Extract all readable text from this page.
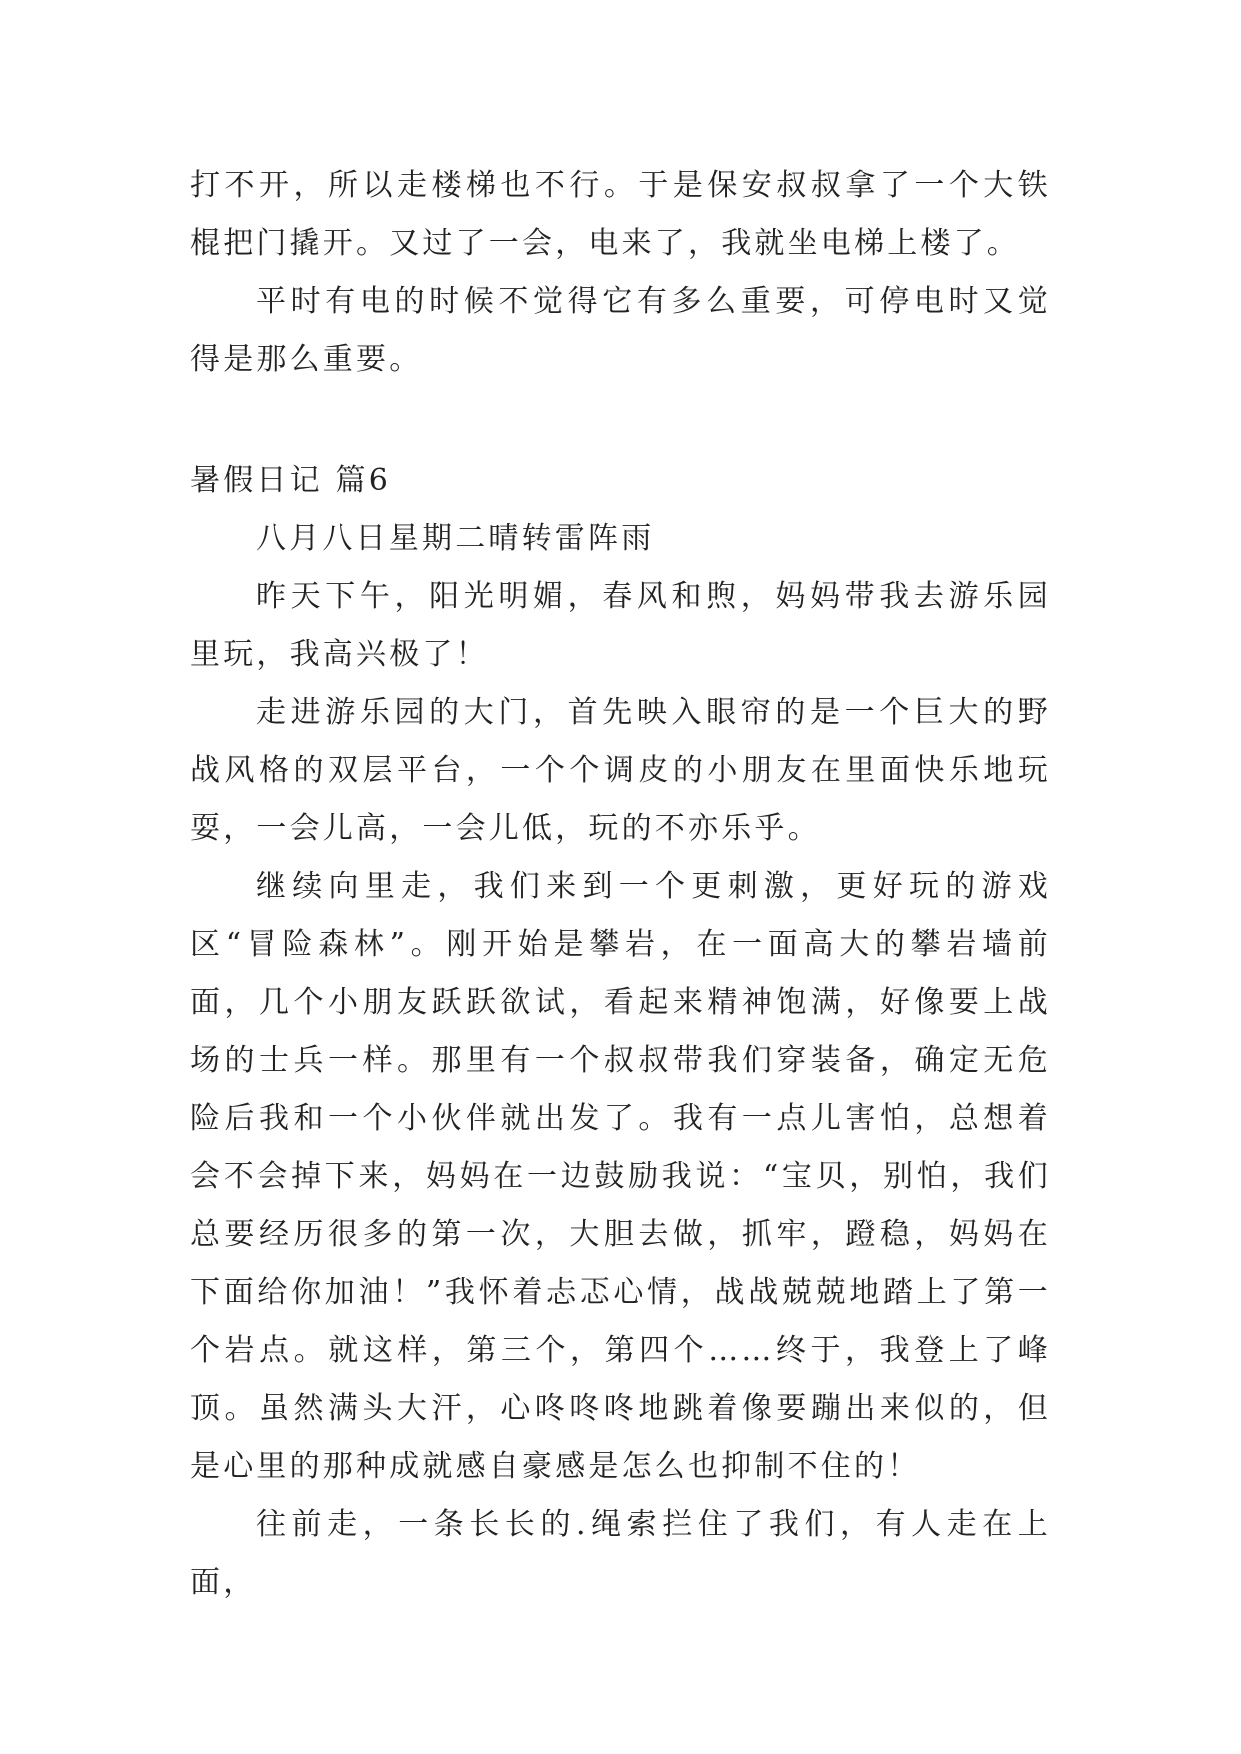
打不开，所以走楼梯也不行。于是保安叔叔拿了一个大铁棍把门撬开。又过了一会，电来了，我就坐电梯上楼了。

平时有电的时候不觉得它有多么重要，可停电时又觉得是那么重要。

暑假日记 篇6

八月八日星期二晴转雷阵雨

昨天下午，阳光明媚，春风和煦，妈妈带我去游乐园里玩，我高兴极了！

走进游乐园的大门，首先映入眼帘的是一个巨大的野战风格的双层平台，一个个调皮的小朋友在里面快乐地玩耍，一会儿高，一会儿低，玩的不亦乐乎。

继续向里走，我们来到一个更刺激，更好玩的游戏区“冒险森林”。刚开始是攀岩，在一面高大的攀岩墙前面，几个小朋友跃跃欲试，看起来精神饱满，好像要上战场的士兵一样。那里有一个叔叔带我们穿装备，确定无危险后我和一个小伙伴就出发了。我有一点儿害怕，总想着会不会掉下来，妈妈在一边鼓励我说：“宝贝，别怕，我们总要经历很多的第一次，大胆去做，抓牢，蹬稳，妈妈在下面给你加油！”我怀着忐忑心情，战战兢兢地踏上了第一个岩点。就这样，第三个，第四个……终于，我登上了峰顶。虽然满头大汗，心咚咚咚地跳着像要蹦出来似的，但是心里的那种成就感自豪感是怎么也抑制不住的！

往前走，一条长长的.绳索拦住了我们，有人走在上面，
